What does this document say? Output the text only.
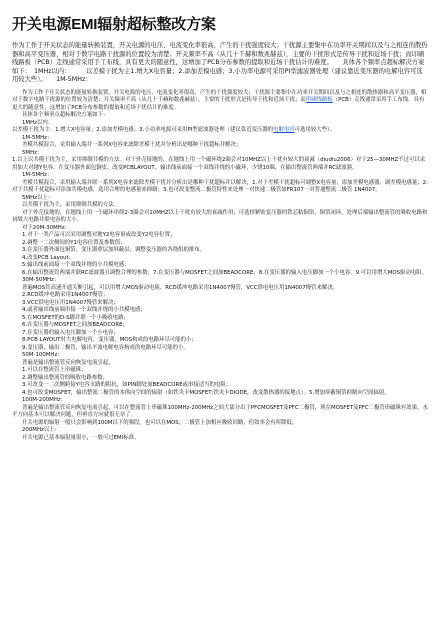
开关电源EMI辐射超标整改方案

作为工作于开关状态的能量转换装置，开关电源的电压、电流变化率很高，产生的干扰强度较大；干扰源主要集中在功率开关期间以及与之相连的散热器和高平变压器，相对于数字电路干扰源的位置较为清楚；开关频率不高（从几十千赫和数兆赫兹），主要的干扰形式是传导干扰和近场干扰；而印刷线路板（PCB）走线通常采用手工布线，具有更大的随意性，这增加了PCB分布参数的提取和近场干扰估计的难度。　　具体各个频率点超标解决方案如下：　1MHz以内：　　　以差模干扰为主1.增大X电容量；2.添加差模电感；3.小功率电源可采用PI型滤波器处理（建议靠近变压器的电解电容可选用较大些）。　　1M-5MHz：

作为工作于开关状态的能量转换装置，开关电源的电压、电流变化率很高，产生的干扰强度较大；干扰源主要集中在功率开关期间以及与之相连的散热器和高平变压器，相对于数字电路干扰源的位置较为清楚；开关频率不高（从几十千赫和数兆赫兹），主要的干扰形式是传导干扰和近场干扰；而印刷线路板（PCB）走线通常采用手工布线，具有更大的随意性，这增加了PCB分布参数的提取和近场干扰估计的难度。

具体各个频率点超标解决方案如下：

1MHz以内：

以差模干扰为主：1.增大X电容量；2.添加差模电感；3.小功率电源可采用PI型滤波器处理（建议靠近变压器的电解电容可选用较大些）。

1M-5MHz：

差模共模混合，采用输入端并一系列X电容来滤除差模干扰并分析出是哪种干扰超标并解决；

5MHz：

1.以上以共模干扰为主，采用抑制共模的方法。对于外壳接地的，在地线上用一个磁环绕2圈会对10MHZ以上干扰有较大的衰减（diudiu2006）对于25—30MHZ不过可以采用加大对地Y电容、在变压器外面包铜皮、改变PCBLAYOUT、输出线前面接一个双线并绕的小磁环，少饶10圈，在输出整流管两端并RC滤波器。

1M-5MHz：

差模共模混合，采用输入端并联一系列X电容来滤除差模干扰并分析出是哪种干扰超标并以解决，1.对于差模干扰超标可调整X电容量，添加差模电感器，调差模电感量；2.对于共模干扰超标可添加共模电感，选用合理的电感量来抑制；3.也可改变整流二极管特性来处理一对快速二极管如FR107一对普通整流二极管 1N4007。

5MHz以上：

以共模干扰为主，采用抑制共模的方法。

对于外壳接地的，在地线上用一个磁环串绕2-3圈会对10MHZ以上干扰有较大的衰减作用；可选择紧贴变压器的铁芯粘铜箔，铜箔闭环。处理后端输出整流管的吸收电路和初级大电路并联电容的大小。

对于20M-30MHz：

1.对于一类产品可以采用调整对地Y2电容量或改变Y2电容位置；

2.调整一二次侧间的Y1电容位置及参数值；

3.在变压器外面包铜箔；变压器重层加屏蔽层；调整变压器的各绕组的排布。

4.改变PCB Layout；

5.输出线前面接一个双线并绕的小共模电感；

6.在输出整流管两端并联RC滤波器且调整合理的参数；7.在变压器与MOSFET之间加BEADCORE；8.在变压器的输入电压脚加一个小电容。9.可以用增大MOS驱动电阻。

30M-50MHz：

普遍MOS管高速开通关断引起，可以用增大MOS驱动电阻，RCD缓冲电路采用1N4007慢管，VCC供电电压用1N4007慢管来解决。

2.RCD缓冲电路采用1N4007慢管；

3.VCC供电电压用1N4007慢管来解决；

4.或者输出线前端串接一个双线并绕的小共模电感；

5.在MOSFET的D-S脚并联一个小吸收电路；

6.在变压器与MOSFET之间加BEADCORE；

7.在变压器的输入电压脚加一个小电容；

8.PCB LAYOUT时大电解电容，变压器，MOS构成的电路环尽可能的小；

9.变压器，输出二极管，输出平波电解电容构成的电路环尽可能的小。

50M-100MHz：

普遍是输出整流管反向恢复电流引起，

1.可以在整流管上串磁珠；

2.调整输出整流管的吸收电路参数；

3.可改变一二次侧跨接Y电容支路的阻抗，如PIN脚处加BEADCORE或串接适当的电阻；

4.也可改变MOSFET，输出整流二极管的本体向空间的辐射（如铁夹卡MOSFET;铁夹卡DIODE，改变散热器的接地点）。5.增加屏蔽铜箔抑制向空间辐射。

100M-200MHz：

普遍是输出整流管反向恢复电流引起，可以在整流管上串磁珠100MHz-200MHz之间大部分出于PFCMOSFET及PFC二极管，现在MOSFET及PFC二极管串磁珠有效果，水平方向基本可以解决问题，但垂直方向就很无奈了。

开关电源的辐射一般只会影响到100M以下的频段。也可以在MOS，二极管上加相应吸收回路，但效率会有所降低。

200MHz以上：

开关电源已基本辐射量很小，一般可过EMI标准。
